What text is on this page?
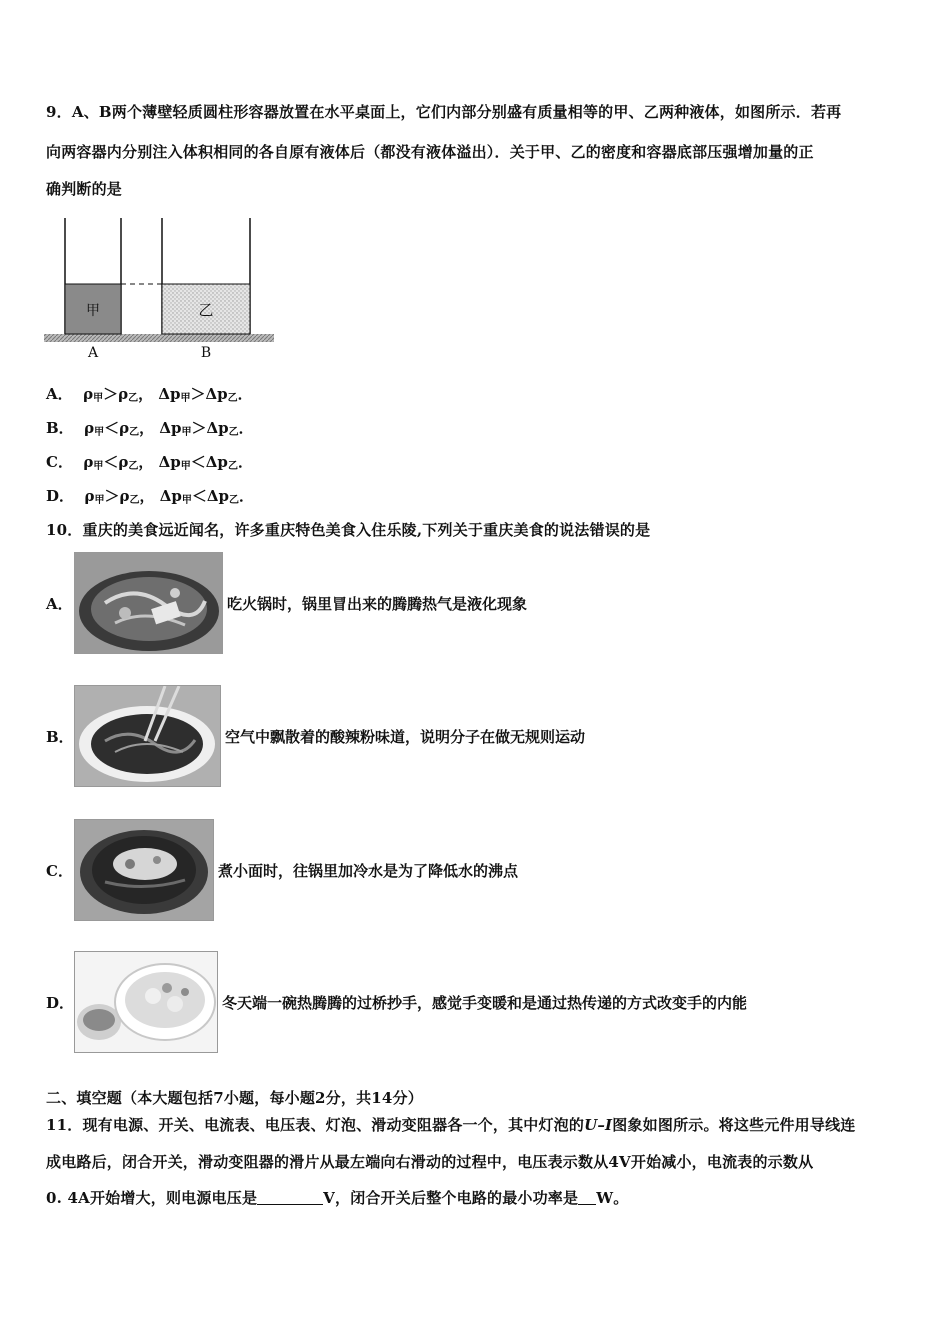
9．A、B两个薄壁轻质圆柱形容器放置在水平桌面上，它们内部分别盛有质量相等的甲、乙两种液体，如图所示．若再
向两容器内分别注入体积相同的各自原有液体后（都没有液体溢出）．关于甲、乙的密度和容器底部压强增加量的正
确判断的是
甲	乙
A	B
A． $\rho_甲>\rho_乙$， $\Delta p_甲>\Delta p_乙$．
B． $\rho_甲<\rho_乙$， $\Delta p_甲>\Delta p_乙$．
C． $\rho_甲<\rho_乙$， $\Delta p_甲<\Delta p_乙$．
D． $\rho_甲>\rho_乙$， $\Delta p_甲<\Delta p_乙$．
10．重庆的美食远近闻名，许多重庆特色美食入住乐陵,下列关于重庆美食的说法错误的是
A．	吃火锅时，锅里冒出来的腾腾热气是液化现象
B．	空气中飘散着的酸辣粉味道，说明分子在做无规则运动
C．	煮小面时，往锅里加冷水是为了降低水的沸点
D．	冬天端一碗热腾腾的过桥抄手，感觉手变暖和是通过热传递的方式改变手的内能
二、填空题（本大题包括7小题，每小题2分，共14分）
11．现有电源、开关、电流表、电压表、灯泡、滑动变阻器各一个，其中灯泡的U–I图象如图所示。将这些元件用导线连
成电路后，闭合开关，滑动变阻器的滑片从最左端向右滑动的过程中，电压表示数从4V开始减小，电流表的示数从
0. 4A开始增大，则电源电压是	V，闭合开关后整个电路的最小功率是 W。
